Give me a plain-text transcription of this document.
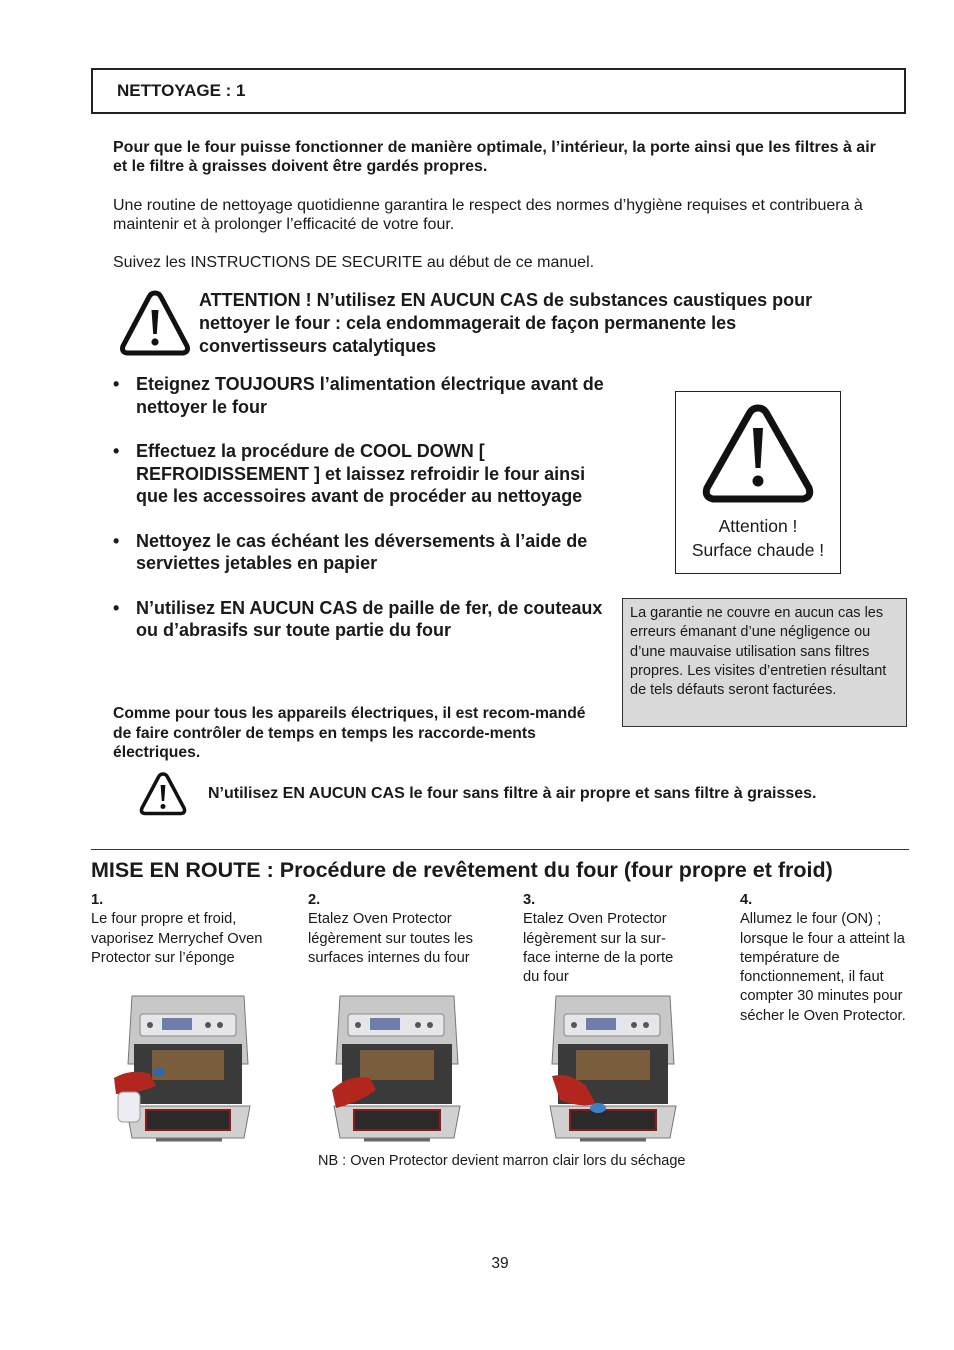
NETTOYAGE : 1

Pour que le four puisse fonctionner de manière optimale, l’intérieur, la porte ainsi que les filtres à air et le filtre à graisses doivent être gardés propres.

Une routine de nettoyage quotidienne garantira le respect des normes d’hygiène requises et contribuera à maintenir et à prolonger l’efficacité de votre four.

Suivez les INSTRUCTIONS DE SECURITE au début de ce manuel.

ATTENTION ! N’utilisez EN AUCUN CAS de substances caustiques pour nettoyer le four : cela endommagerait de façon permanente les convertisseurs catalytiques

• Eteignez TOUJOURS l’alimentation électrique avant de nettoyer le four
• Effectuez la procédure de COOL DOWN [ REFROIDISSEMENT ] et laissez refroidir le four ainsi que les accessoires avant de procéder au nettoyage
• Nettoyez le cas échéant les déversements à l’aide de serviettes jetables en papier
• N’utilisez EN AUCUN CAS de paille de fer, de couteaux ou d’abrasifs sur toute partie du four
Attention !
Surface chaude !
La garantie ne couvre en aucun cas les erreurs émanant d’une négligence ou d’une mauvaise utilisation sans filtres propres. Les visites d’entretien résultant de tels défauts seront facturées.

Comme pour tous les appareils électriques, il est recom-mandé de faire contrôler de temps en temps les raccorde-ments électriques.

N’utilisez EN AUCUN CAS le four sans filtre à air propre et sans filtre à graisses.

MISE EN ROUTE : Procédure de revêtement du four (four propre et froid)
1.
Le four propre et froid, vaporisez Merrychef Oven Protector sur l’éponge
2.
Etalez Oven Protector légèrement sur toutes les surfaces internes du four
3.
Etalez Oven Protector légèrement sur la sur-face interne de la porte du four
4.
Allumez le four (ON) ; lorsque le four a atteint la température de fonctionnement, il faut compter 30 minutes pour sécher le Oven Protector.
NB : Oven Protector devient marron clair lors du séchage
39
